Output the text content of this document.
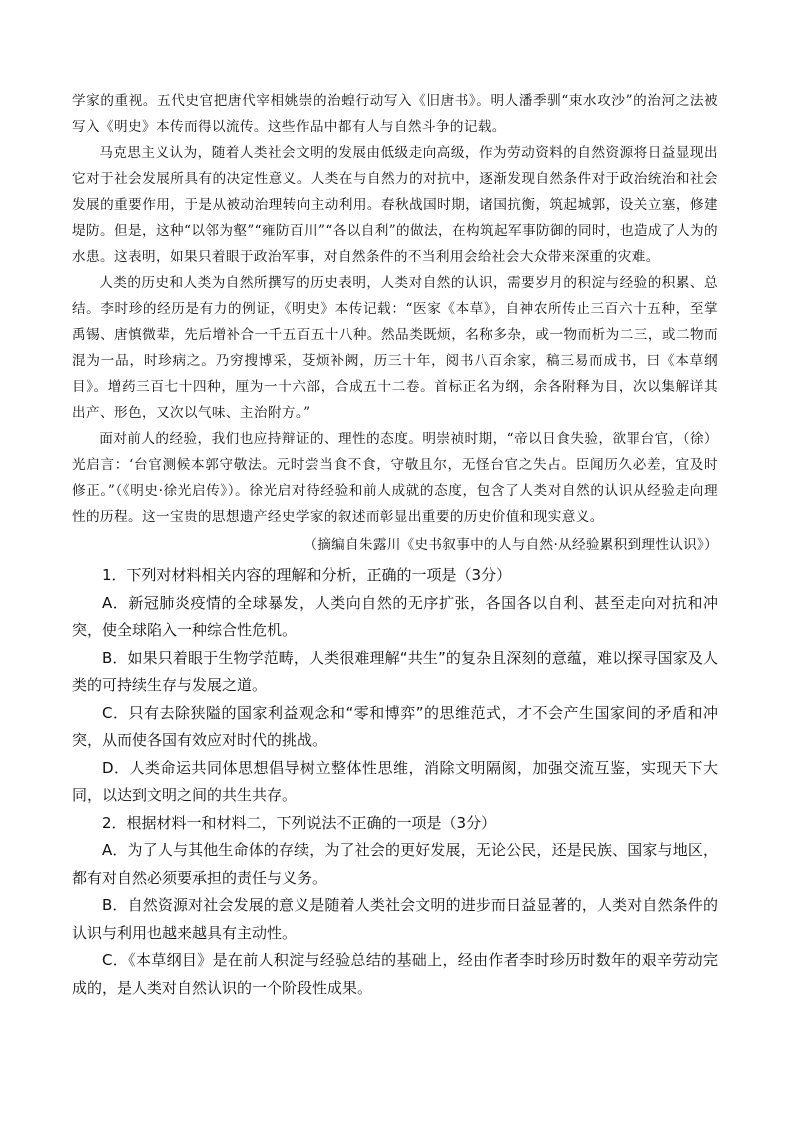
学家的重视。五代史官把唐代宰相姚崇的治蝗行动写入《旧唐书》。明人潘季驯“束水攻沙”的治河之法被写入《明史》本传而得以流传。这些作品中都有人与自然斗争的记载。

马克思主义认为，随着人类社会文明的发展由低级走向高级，作为劳动资料的自然资源将日益显现出它对于社会发展所具有的决定性意义。人类在与自然力的对抗中，逐渐发现自然条件对于政治统治和社会发展的重要作用，于是从被动治理转向主动利用。春秋战国时期，诸国抗衡，筑起城郭，设关立塞，修建堤防。但是，这种“以邻为壑”“雍防百川”“各以自利”的做法，在构筑起军事防御的同时，也造成了人为的水患。这表明，如果只着眼于政治军事，对自然条件的不当利用会给社会大众带来深重的灾难。

人类的历史和人类为自然所撰写的历史表明，人类对自然的认识，需要岁月的积淀与经验的积累、总结。李时珍的经历是有力的例证，《明史》本传记载：“医家《本草》，自神农所传止三百六十五种，至掌禹锡、唐慎微辈，先后增补合一千五百五十八种。然品类既烦，名称多杂，或一物而析为二三，或二物而混为一品，时珍病之。乃穷搜博采，芟烦补阙，历三十年，阅书八百余家，稿三易而成书，曰《本草纲目》。增药三百七十四种，厘为一十六部，合成五十二卷。首标正名为纲，余各附释为目，次以集解详其出产、形色，又次以气味、主治附方。”

面对前人的经验，我们也应持辩证的、理性的态度。明崇祯时期，“帝以日食失验，欲罪台官，（徐）光启言：‘台官测候本郭守敬法。元时尝当食不食，守敬且尔，无怪台官之失占。臣闻历久必差，宜及时修正。”（《明史·徐光启传》）。徐光启对待经验和前人成就的态度，包含了人类对自然的认识从经验走向理性的历程。这一宝贵的思想遗产经史学家的叙述而彰显出重要的历史价值和现实意义。

（摘编自朱露川《史书叙事中的人与自然·从经验累积到理性认识》）

1．下列对材料相关内容的理解和分析，正确的一项是（3分）

A．新冠肺炎疫情的全球暴发，人类向自然的无序扩张，各国各以自利、甚至走向对抗和冲突，使全球陷入一种综合性危机。

B．如果只着眼于生物学范畴，人类很难理解“共生”的复杂且深刻的意蕴，难以探寻国家及人类的可持续生存与发展之道。

C．只有去除狭隘的国家利益观念和“零和博弈”的思维范式，才不会产生国家间的矛盾和冲突，从而使各国有效应对时代的挑战。

D．人类命运共同体思想倡导树立整体性思维，消除文明隔阂，加强交流互鉴，实现天下大同，以达到文明之间的共生共存。

2．根据材料一和材料二，下列说法不正确的一项是（3分）

A．为了人与其他生命体的存续，为了社会的更好发展，无论公民，还是民族、国家与地区，都有对自然必须要承担的责任与义务。

B．自然资源对社会发展的意义是随着人类社会文明的进步而日益显著的，人类对自然条件的认识与利用也越来越具有主动性。

C．《本草纲目》是在前人积淀与经验总结的基础上，经由作者李时珍历时数年的艰辛劳动完成的，是人类对自然认识的一个阶段性成果。
